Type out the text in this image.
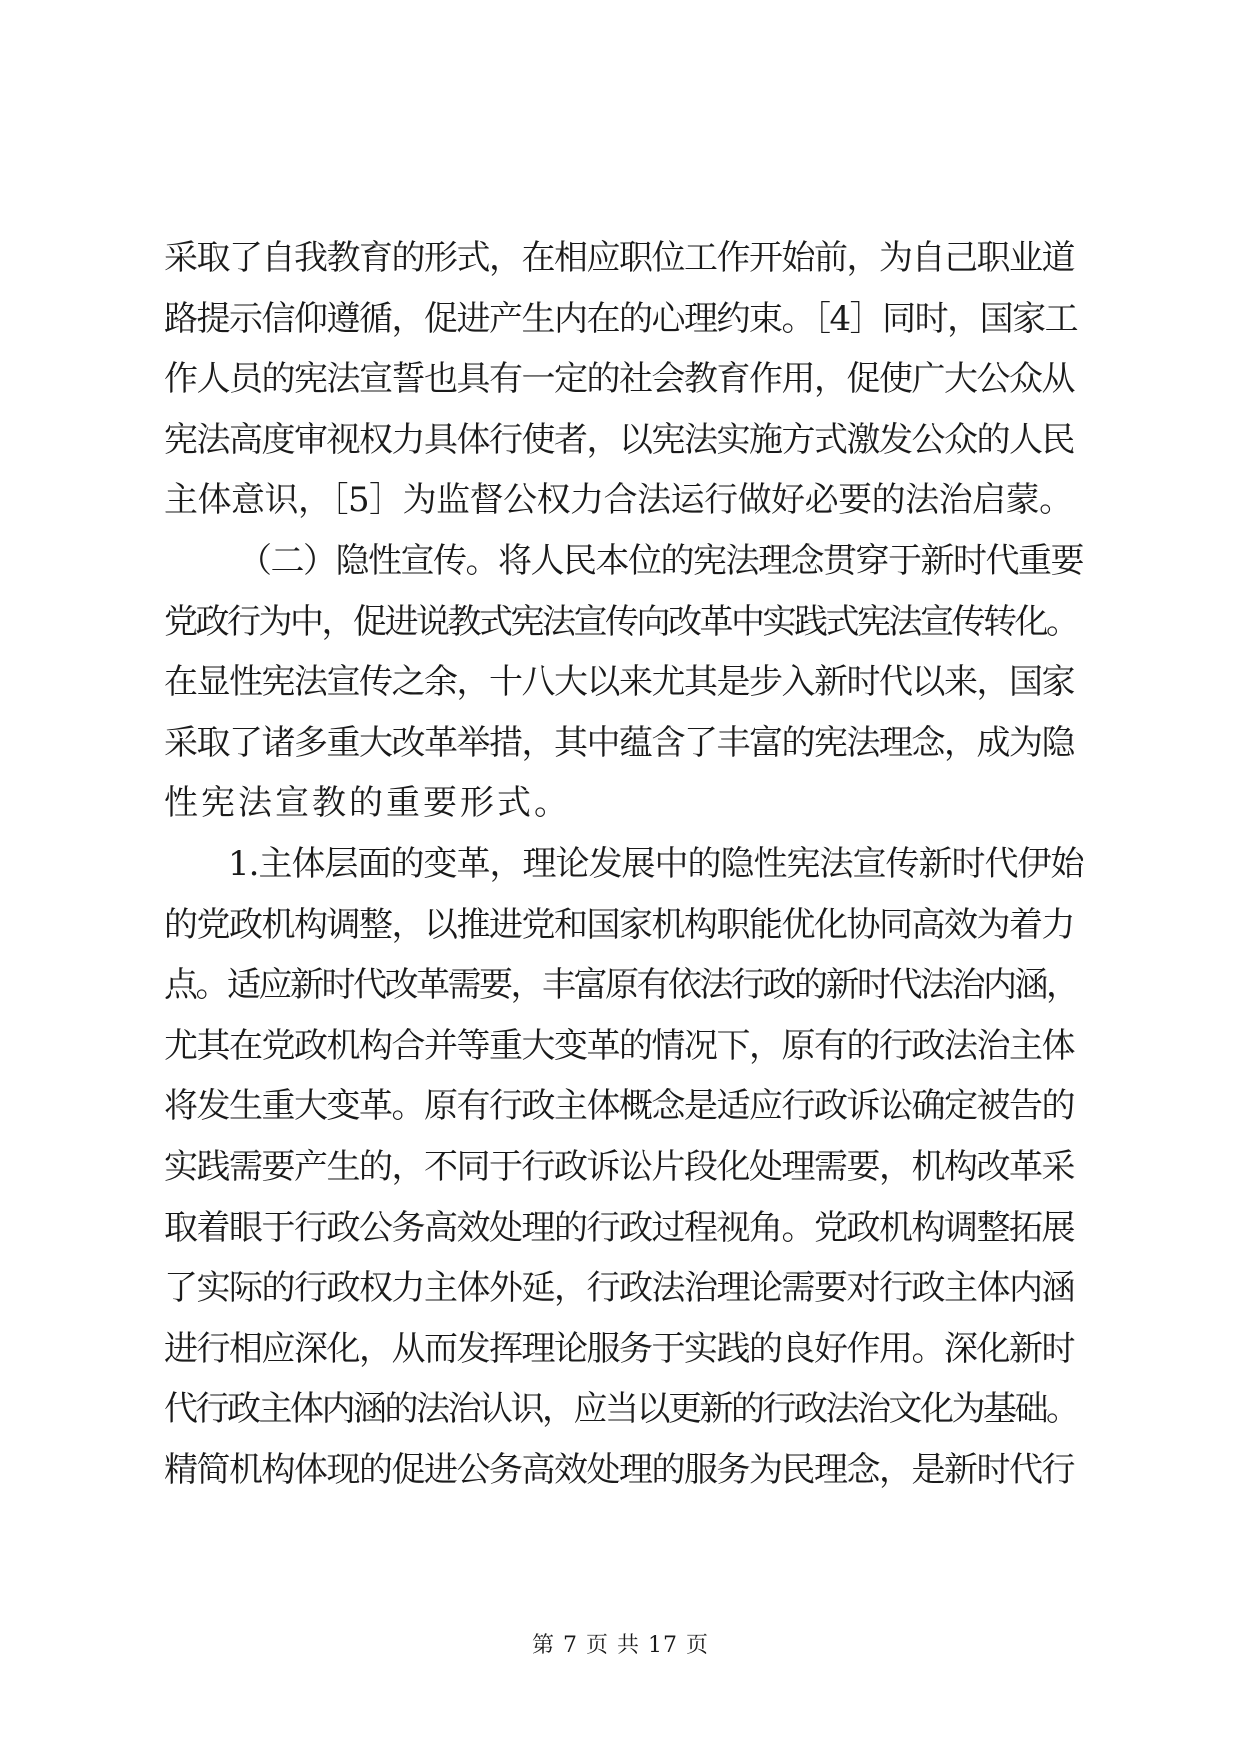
采取了自我教育的形式，在相应职位工作开始前，为自己职业道
路提示信仰遵循，促进产生内在的心理约束。［4］同时，国家工
作人员的宪法宣誓也具有一定的社会教育作用，促使广大公众从
宪法高度审视权力具体行使者，以宪法实施方式激发公众的人民
主体意识，［5］为监督公权力合法运行做好必要的法治启蒙。
（二）隐性宣传。将人民本位的宪法理念贯穿于新时代重要
党政行为中，促进说教式宪法宣传向改革中实践式宪法宣传转化。
在显性宪法宣传之余，十八大以来尤其是步入新时代以来，国家
采取了诸多重大改革举措，其中蕴含了丰富的宪法理念，成为隐
性宪法宣教的重要形式。
1.主体层面的变革，理论发展中的隐性宪法宣传新时代伊始
的党政机构调整，以推进党和国家机构职能优化协同高效为着力
点。适应新时代改革需要，丰富原有依法行政的新时代法治内涵，
尤其在党政机构合并等重大变革的情况下，原有的行政法治主体
将发生重大变革。原有行政主体概念是适应行政诉讼确定被告的
实践需要产生的，不同于行政诉讼片段化处理需要，机构改革采
取着眼于行政公务高效处理的行政过程视角。党政机构调整拓展
了实际的行政权力主体外延，行政法治理论需要对行政主体内涵
进行相应深化，从而发挥理论服务于实践的良好作用。深化新时
代行政主体内涵的法治认识，应当以更新的行政法治文化为基础。
精简机构体现的促进公务高效处理的服务为民理念，是新时代行
第 7 页 共 17 页
